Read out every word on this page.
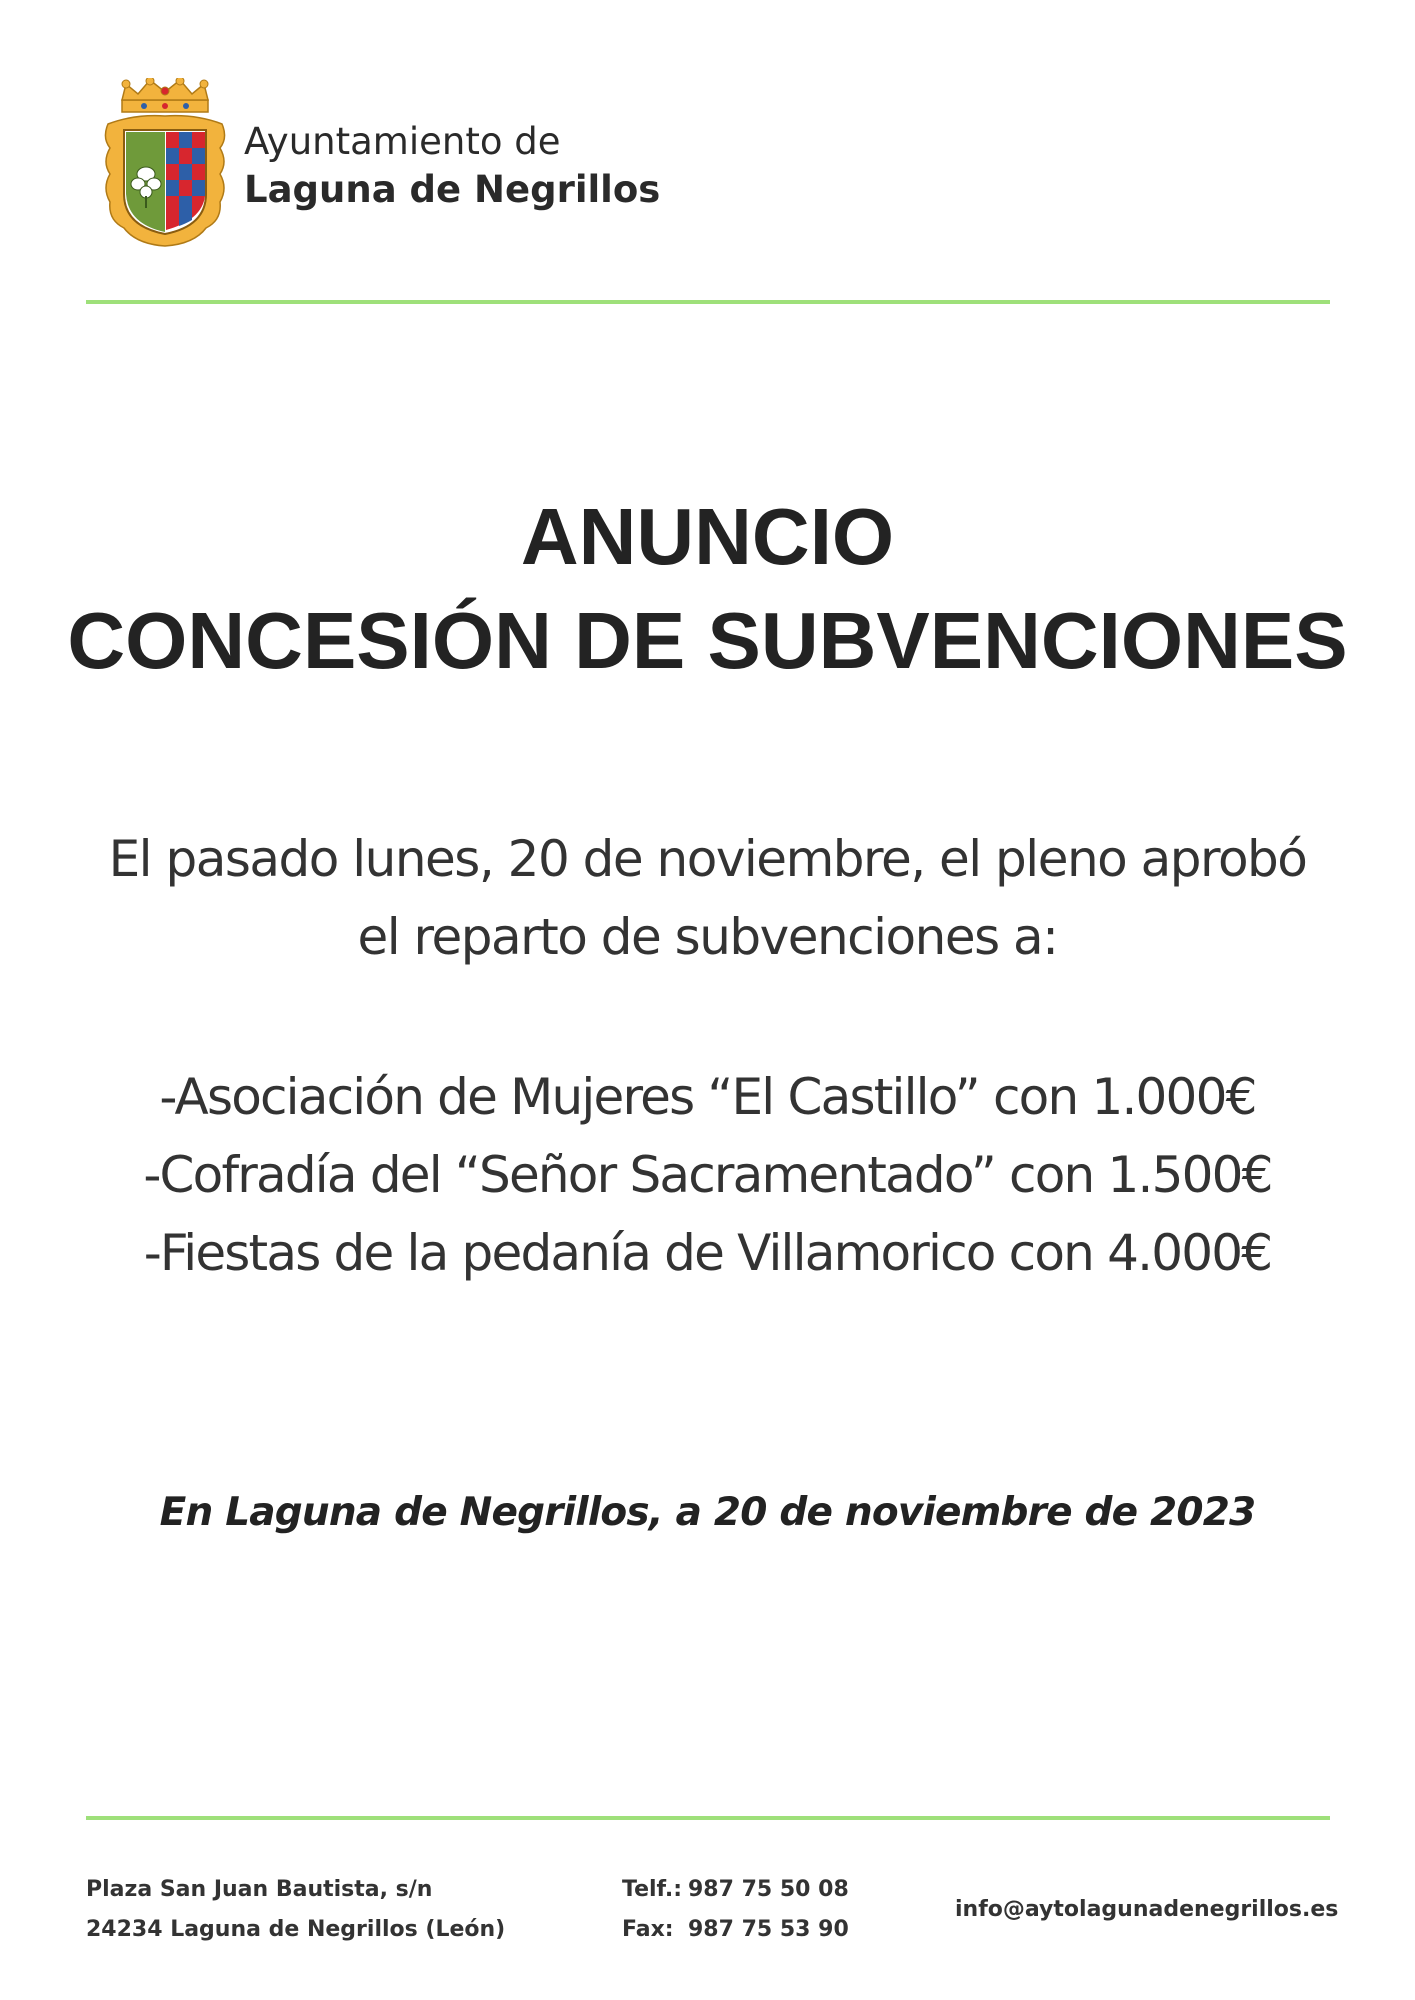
Ayuntamiento de
Laguna de Negrillos
ANUNCIO
CONCESIÓN DE SUBVENCIONES
El pasado lunes, 20 de noviembre, el pleno aprobó
el reparto de subvenciones a:
-Asociación de Mujeres “El Castillo” con 1.000€
-Cofradía del “Señor Sacramentado” con 1.500€
-Fiestas de la pedanía de Villamorico con 4.000€
En Laguna de Negrillos, a 20 de noviembre de 2023
Plaza San Juan Bautista, s/n
24234 Laguna de Negrillos (León)
Telf.: 987 75 50 08
Fax: 987 75 53 90
info@aytolagunadenegrillos.es
